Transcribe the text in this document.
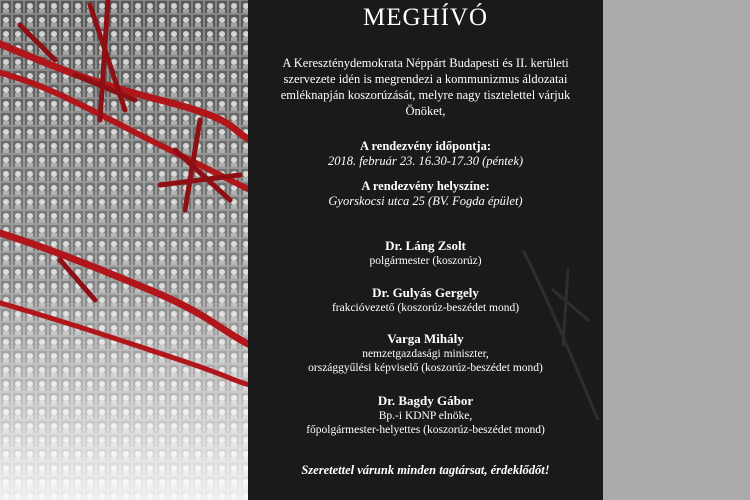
MEGHÍVÓ
A Kereszténydemokrata Néppárt Budapesti és II. kerületi szervezete idén is megrendezi a kommunizmus áldozatai emléknapján koszorúzását, melyre nagy tisztelettel várjuk Önöket,
A rendezvény időpontja:
2018. február 23. 16.30-17.30 (péntek)
A rendezvény helyszíne:
Gyorskocsi utca 25 (BV. Fogda épület)
Dr. Láng Zsolt
polgármester (koszorúz)
Dr. Gulyás Gergely
frakcióvezető (koszorúz-beszédet mond)
Varga Mihály
nemzetgazdasági miniszter,
országgyűlési képviselő (koszorúz-beszédet mond)
Dr. Bagdy Gábor
Bp.-i KDNP elnöke,
főpolgármester-helyettes (koszorúz-beszédet mond)
Szeretettel várunk minden tagtársat, érdeklődőt!
